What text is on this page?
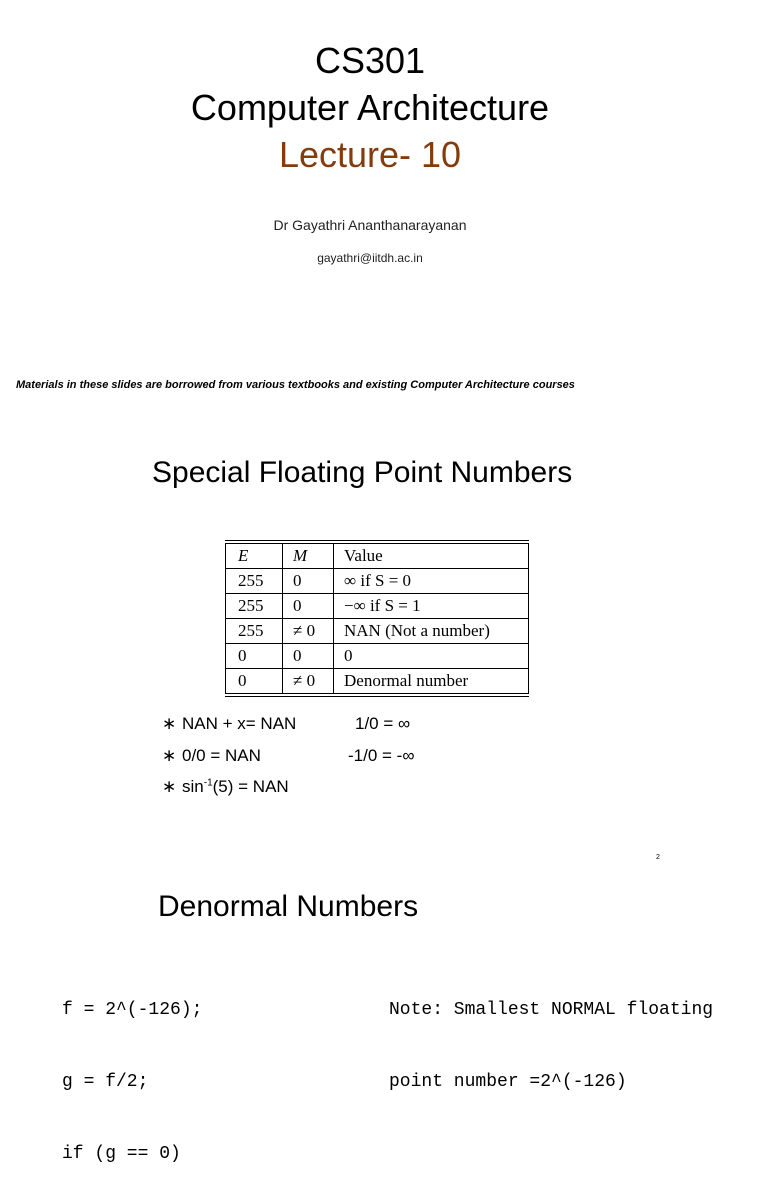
CS301
Computer Architecture
Lecture- 10
Dr Gayathri Ananthanarayanan
gayathri@iitdh.ac.in
Materials in these slides are borrowed from various textbooks and existing Computer Architecture courses
Special Floating Point Numbers
E	M	Value
255	0	∞ if S = 0
255	0	−∞ if S = 1
255	≠ 0	NAN (Not a number)
0	0	0
0	≠ 0	Denormal number
∗ NAN + x= NAN	1/0 = ∞
∗ 0/0 = NAN	-1/0 = -∞
∗ $\sin^{-1}(5)$ = NAN
2
Denormal Numbers

f = 2^(-126);

g = f/2;

if (g == 0)

Note: Smallest NORMAL floating

point number =2^(-126)
